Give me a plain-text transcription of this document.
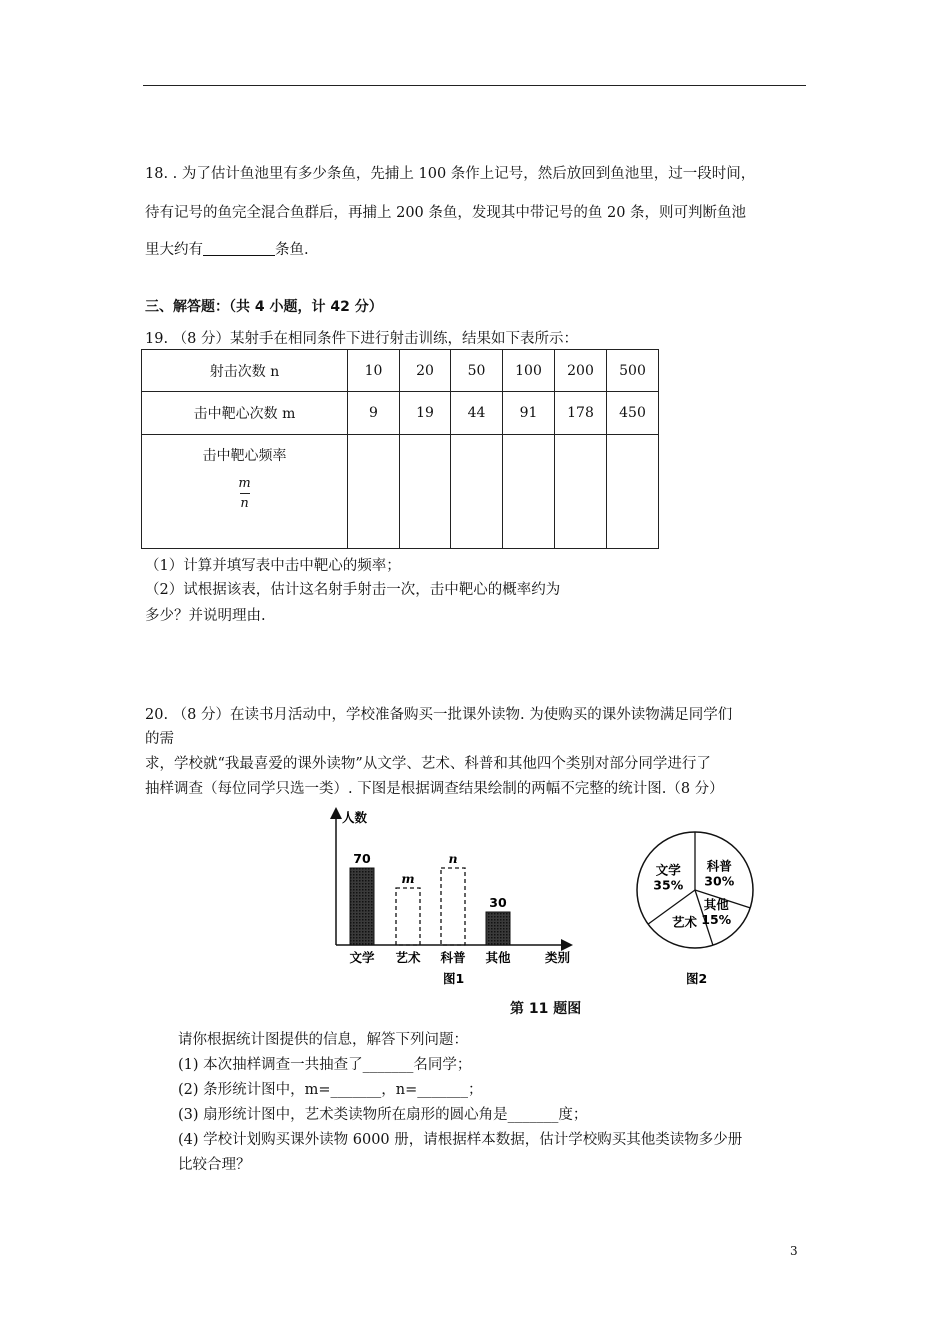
18. . 为了估计鱼池里有多少条鱼，先捕上 100 条作上记号，然后放回到鱼池里，过一段时间，
待有记号的鱼完全混合鱼群后，再捕上 200 条鱼，发现其中带记号的鱼 20 条，则可判断鱼池
里大约有	条鱼.
三、解答题：（共 4 小题，计 42 分）
19. （8 分）某射手在相同条件下进行射击训练，结果如下表所示：
射击次数 n	10	20	50	100	200	500
击中靶心次数 m	9	19	44	91	178	450

击中靶心频率
m
n						

（1）计算并填写表中击中靶心的频率；
（2）试根据该表，估计这名射手射击一次，击中靶心的概率约为
多少？并说明理由.
20. （8 分）在读书月活动中，学校准备购买一批课外读物. 为使购买的课外读物满足同学们
的需
求，学校就“我最喜爱的课外读物”从文学、艺术、科普和其他四个类别对部分同学进行了
抽样调查（每位同学只选一类）. 下图是根据调查结果绘制的两幅不完整的统计图.（8 分）
人数
70
文学
m
艺术
n
科普
30
其他	类别
图1
科普
30%
其他
15%
艺术
文学
35%
图2
第 11 题图
请你根据统计图提供的信息，解答下列问题：
(1) 本次抽样调查一共抽查了_______名同学；
(2) 条形统计图中，m=_______，n=_______；
(3) 扇形统计图中，艺术类读物所在扇形的圆心角是_______度；
(4) 学校计划购买课外读物 6000 册，请根据样本数据，估计学校购买其他类读物多少册
比较合理？
3
